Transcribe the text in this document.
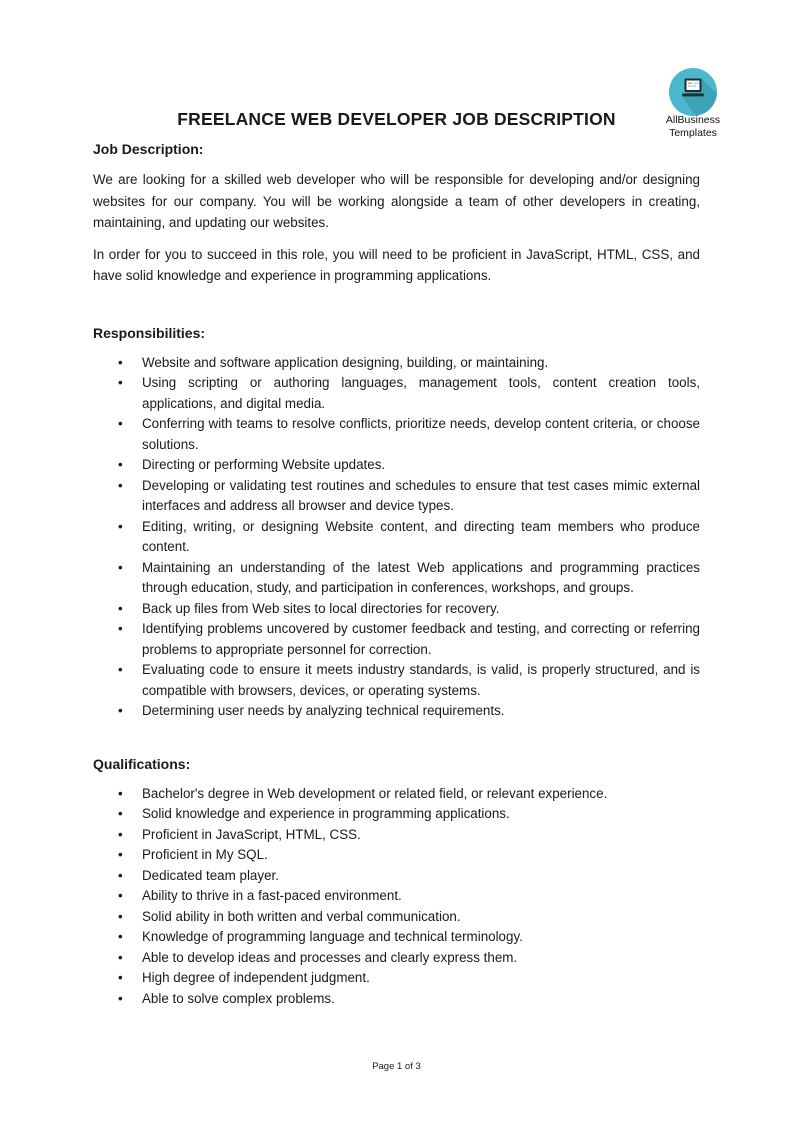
AllBusiness
Templates
FREELANCE WEB DEVELOPER JOB DESCRIPTION
Job Description:

We are looking for a skilled web developer who will be responsible for developing and/or designing websites for our company. You will be working alongside a team of other developers in creating, maintaining, and updating our websites.

In order for you to succeed in this role, you will need to be proficient in JavaScript, HTML, CSS, and have solid knowledge and experience in programming applications.

Responsibilities:
• Website and software application designing, building, or maintaining.
• Using scripting or authoring languages, management tools, content creation tools, applications, and digital media.
• Conferring with teams to resolve conflicts, prioritize needs, develop content criteria, or choose solutions.
• Directing or performing Website updates.
• Developing or validating test routines and schedules to ensure that test cases mimic external interfaces and address all browser and device types.
• Editing, writing, or designing Website content, and directing team members who produce content.
• Maintaining an understanding of the latest Web applications and programming practices through education, study, and participation in conferences, workshops, and groups.
• Back up files from Web sites to local directories for recovery.
• Identifying problems uncovered by customer feedback and testing, and correcting or referring problems to appropriate personnel for correction.
• Evaluating code to ensure it meets industry standards, is valid, is properly structured, and is compatible with browsers, devices, or operating systems.
• Determining user needs by analyzing technical requirements.
Qualifications:
• Bachelor's degree in Web development or related field, or relevant experience.
• Solid knowledge and experience in programming applications.
• Proficient in JavaScript, HTML, CSS.
• Proficient in My SQL.
• Dedicated team player.
• Ability to thrive in a fast-paced environment.
• Solid ability in both written and verbal communication.
• Knowledge of programming language and technical terminology.
• Able to develop ideas and processes and clearly express them.
• High degree of independent judgment.
• Able to solve complex problems.
Page 1 of 3
